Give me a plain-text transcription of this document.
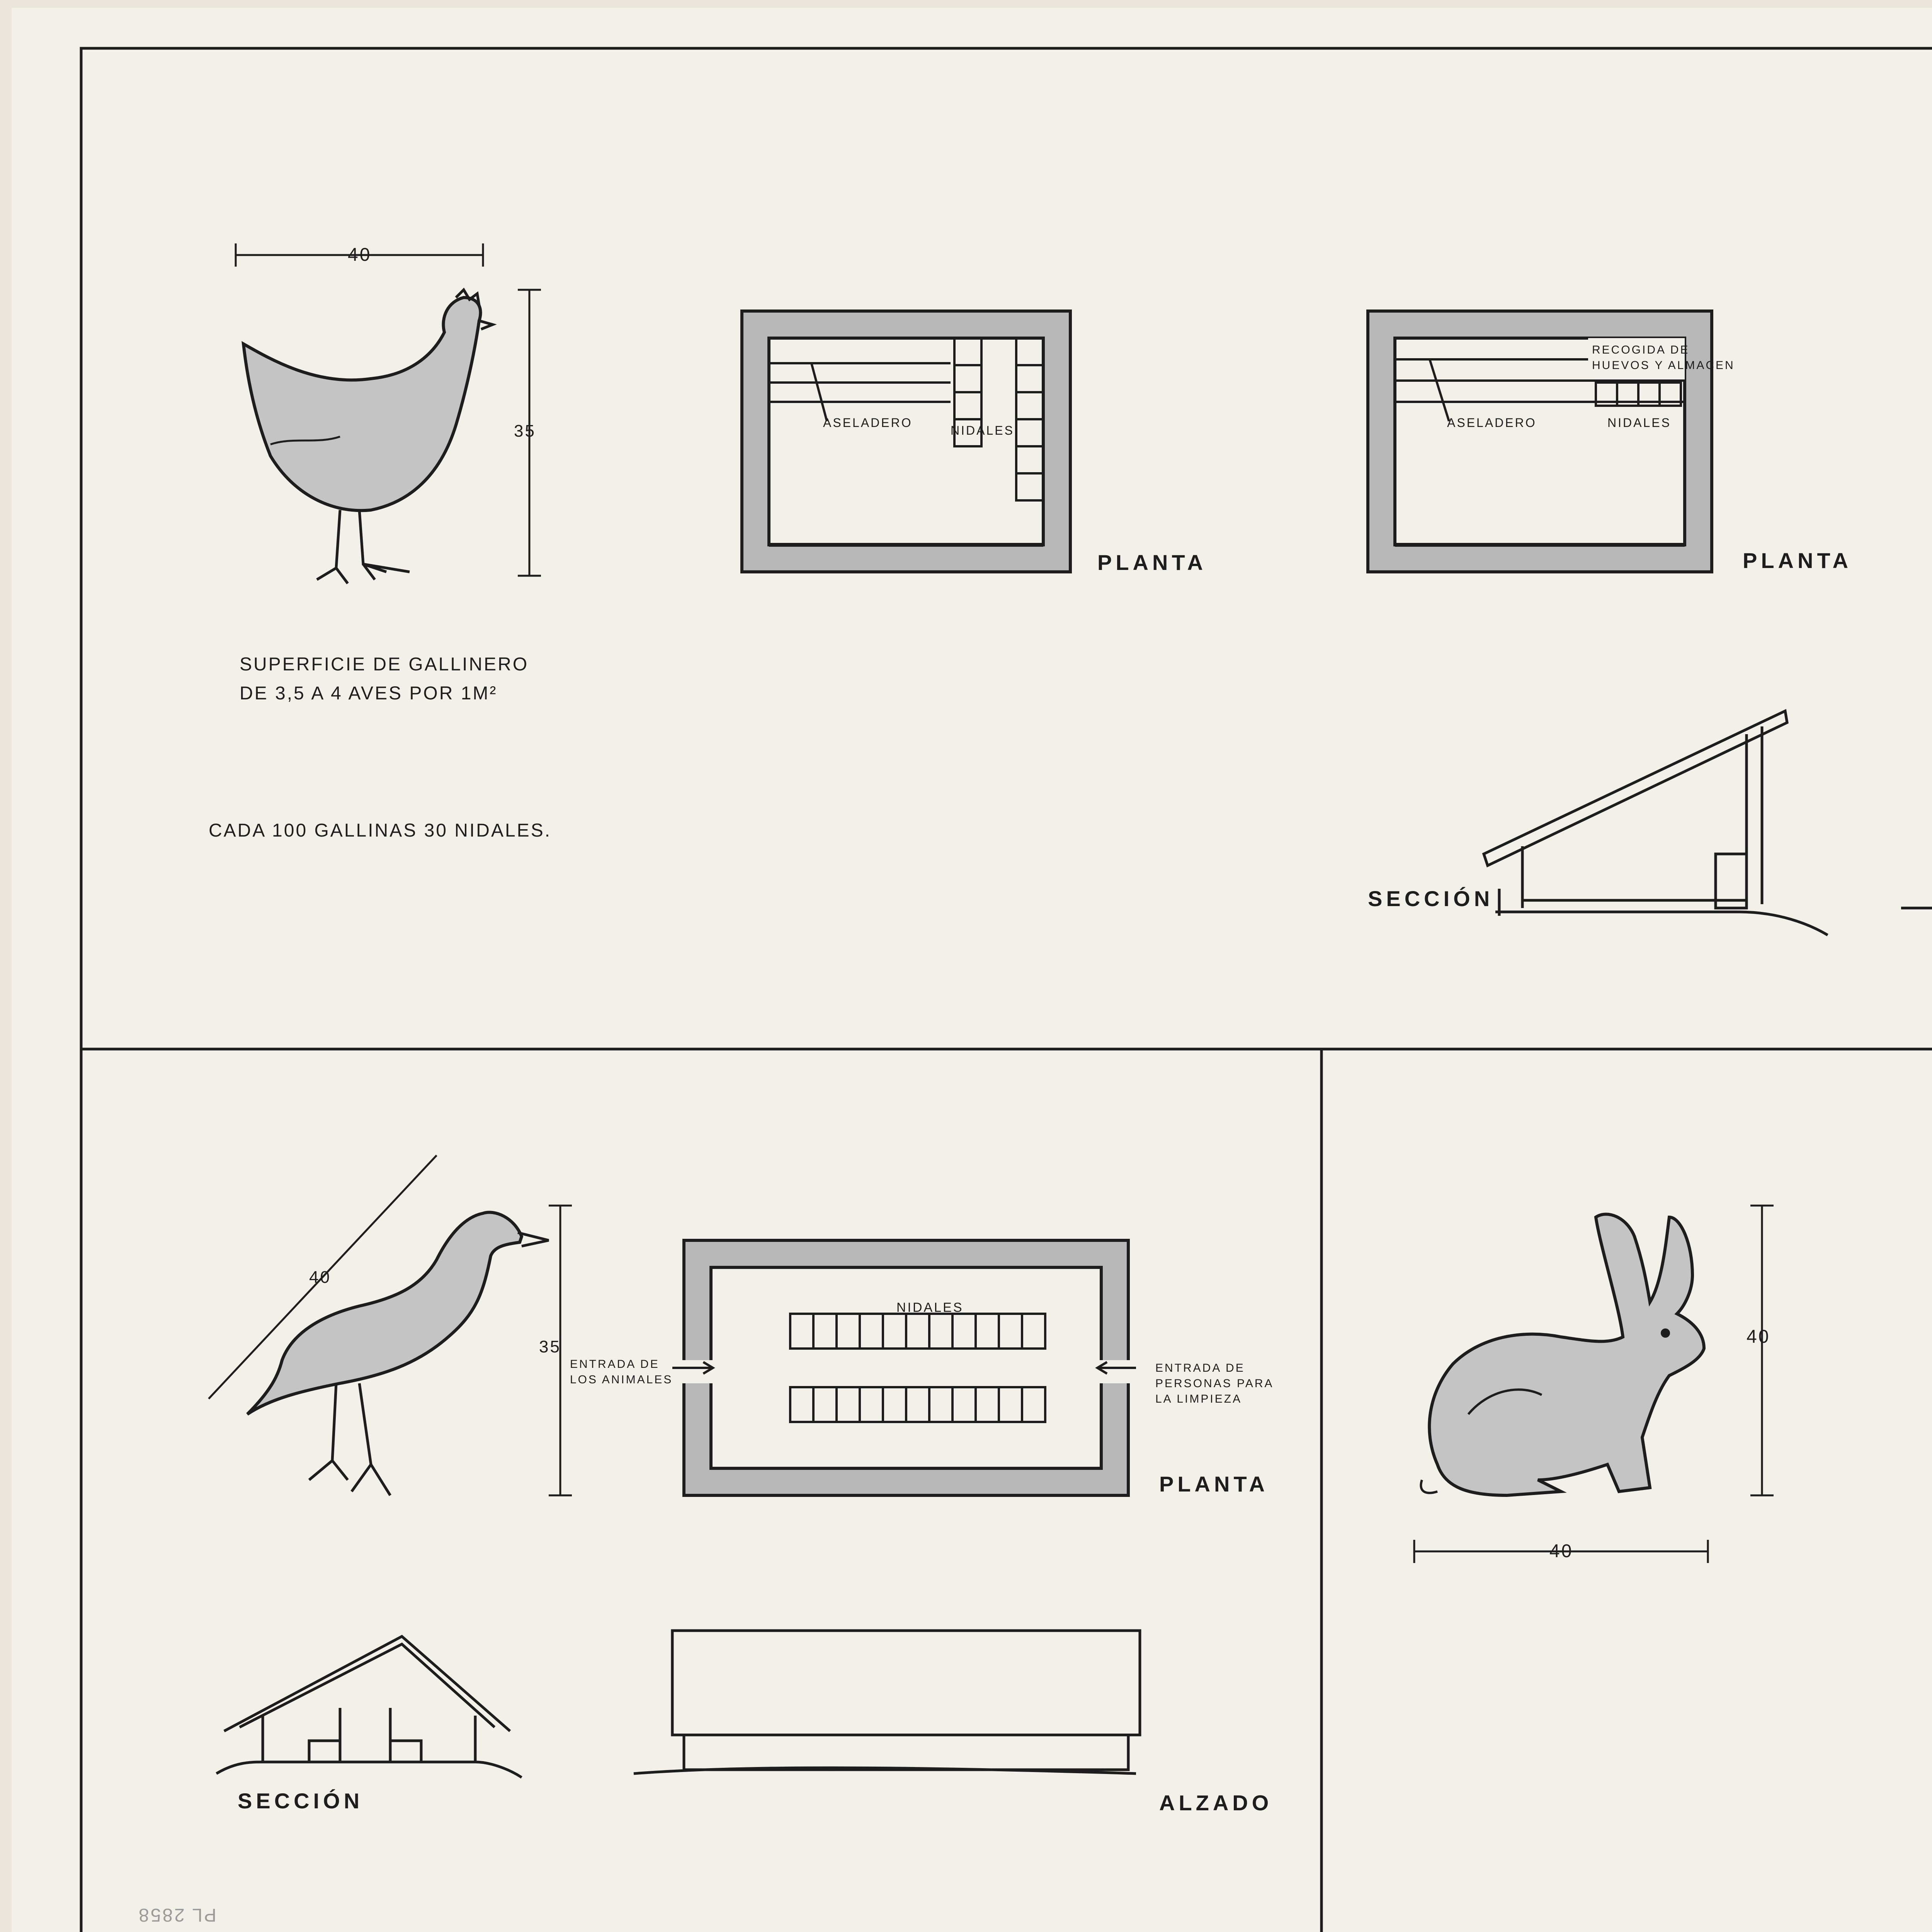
40
35
SUPERFICIE DE GALLINERO
DE 3,5 A 4 AVES POR 1M²
CADA 100 GALLINAS 30 NIDALES.
ASELADERO
NIDALES
PLANTA
RECOGIDA DE
HUEVOS Y ALMACEN
ASELADERO	NIDALES
PLANTA
SECCIÓN
40
35
NIDALES
ENTRADA DE
LOS ANIMALES
ENTRADA DE
PERSONAS PARA
LA LIMPIEZA
PLANTA
SECCIÓN	ALZADO
PL 2858
40
40
